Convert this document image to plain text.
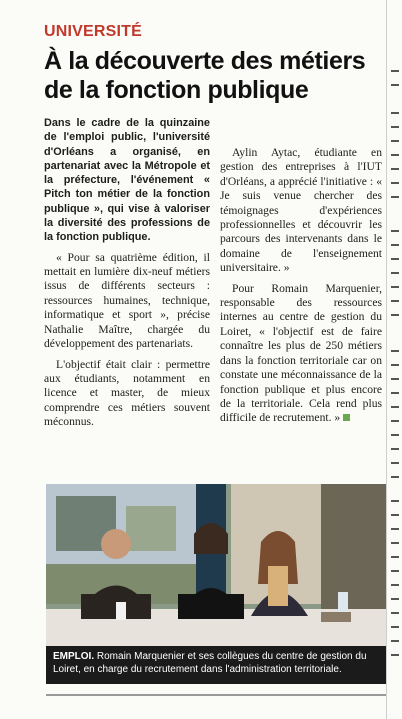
UNIVERSITÉ
À la découverte des métiers de la fonction publique

Dans le cadre de la quinzaine de l'emploi public, l'université d'Orléans a organisé, en partenariat avec la Métropole et la préfecture, l'événement « Pitch ton métier de la fonction publique », qui vise à valoriser la diversité des professions de la fonction publique.

« Pour sa quatrième édition, il mettait en lumière dix-neuf métiers issus de différents secteurs : ressources humaines, technique, informatique et sport », précise Nathalie Maître, chargée du développement des partenariats.

L'objectif était clair : permettre aux étudiants, notamment en licence et master, de mieux comprendre ces métiers souvent méconnus.

Aylin Aytac, étudiante en gestion des entreprises à l'IUT d'Orléans, a apprécié l'initiative : « Je suis venue chercher des témoignages d'expériences professionnelles et découvrir les parcours des intervenants dans le domaine de l'enseignement universitaire. »

Pour Romain Marquenier, responsable des ressources internes au centre de gestion du Loiret, « l'objectif est de faire connaître les plus de 250 métiers dans la fonction territoriale car on constate une méconnaissance de la fonction publique et plus encore de la territoriale. Cela rend plus difficile de recrutement. »

EMPLOI. Romain Marquenier et ses collègues du centre de gestion du Loiret, en charge du recrutement dans l'administration territoriale.
